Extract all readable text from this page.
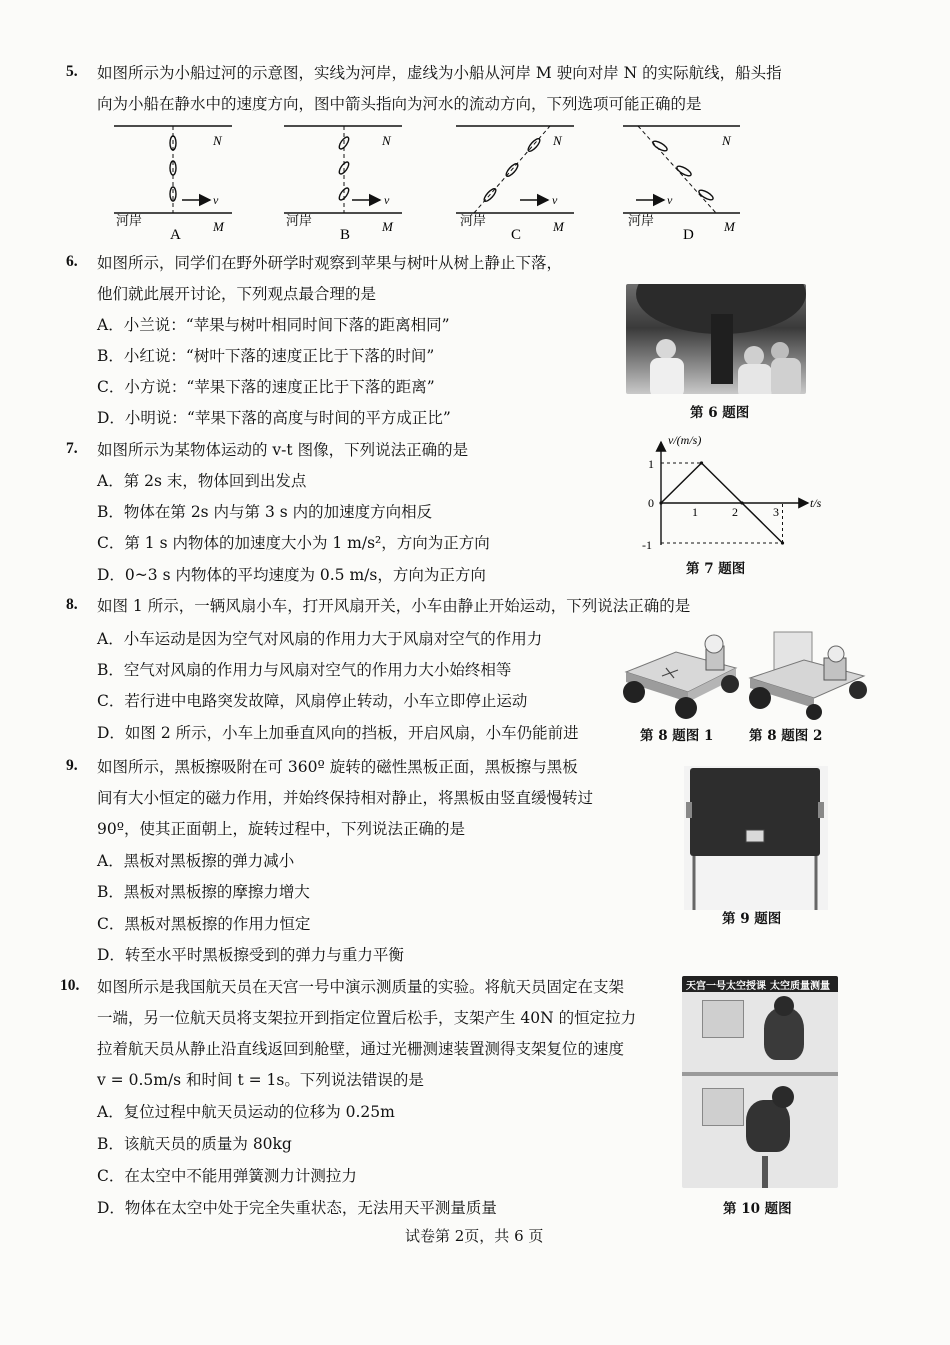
5. 如图所示为小船过河的示意图，实线为河岸，虚线为小船从河岸 M 驶向对岸 N 的实际航线，船头指
向为小船在静水中的速度方向，图中箭头指向为河水的流动方向，下列选项可能正确的是
v
N
M
河岸
A
v
N
M
河岸
B
v
N
M
河岸
C
v
N
M
河岸
D
6. 如图所示，同学们在野外研学时观察到苹果与树叶从树上静止下落，
他们就此展开讨论，下列观点最合理的是
A．小兰说：“苹果与树叶相同时间下落的距离相同”
B．小红说：“树叶下落的速度正比于下落的时间”
C．小方说：“苹果下落的速度正比于下落的距离”
D．小明说：“苹果下落的高度与时间的平方成正比”	第 6 题图
7. 如图所示为某物体运动的 v-t 图像，下列说法正确的是
A．第 2s 末，物体回到出发点
B．物体在第 2s 内与第 3 s 内的加速度方向相反
C．第 1 s 内物体的加速度大小为 1 m/s²，方向为正方向
D．0~3 s 内物体的平均速度为 0.5 m/s，方向为正方向
v/(m/s)
t/s
1
0
-1
1	2	3
第 7 题图
8. 如图 1 所示，一辆风扇小车，打开风扇开关，小车由静止开始运动，下列说法正确的是
A．小车运动是因为空气对风扇的作用力大于风扇对空气的作用力
B．空气对风扇的作用力与风扇对空气的作用力大小始终相等
C．若行进中电路突发故障，风扇停止转动，小车立即停止运动
D．如图 2 所示，小车上加垂直风向的挡板，开启风扇，小车仍能前进	第 8 题图 1	第 8 题图 2
9. 如图所示，黑板擦吸附在可 360º 旋转的磁性黑板正面，黑板擦与黑板
间有大小恒定的磁力作用，并始终保持相对静止，将黑板由竖直缓慢转过
90º，使其正面朝上，旋转过程中，下列说法正确的是
A．黑板对黑板擦的弹力减小
B．黑板对黑板擦的摩擦力增大
C．黑板对黑板擦的作用力恒定
D．转至水平时黑板擦受到的弹力与重力平衡
第 9 题图
10. 如图所示是我国航天员在天宫一号中演示测质量的实验。将航天员固定在支架
一端，另一位航天员将支架拉开到指定位置后松手，支架产生 40N 的恒定拉力
拉着航天员从静止沿直线返回到舱壁，通过光栅测速装置测得支架复位的速度
v = 0.5m/s 和时间 t = 1s。下列说法错误的是
A．复位过程中航天员运动的位移为 0.25m
B．该航天员的质量为 80kg
C．在太空中不能用弹簧测力计测拉力
D．物体在太空中处于完全失重状态，无法用天平测量质量
天宫一号太空授课 太空质量测量
第 10 题图
试卷第 2页，共 6 页
